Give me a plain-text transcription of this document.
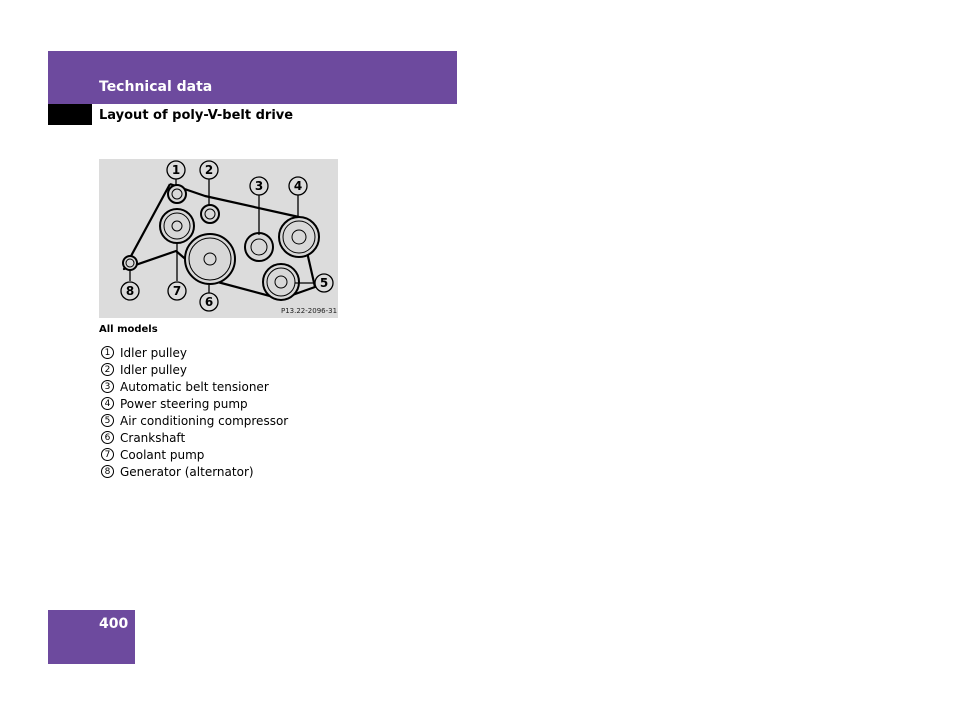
Technical data
Layout of poly-V-belt drive
1 2
3	4
5
6
7
8
P13.22-2096-31
All models
1 Idler pulley
2 Idler pulley
3 Automatic belt tensioner
4 Power steering pump
5 Air conditioning compressor
6 Crankshaft
7 Coolant pump
8 Generator (alternator)
400
